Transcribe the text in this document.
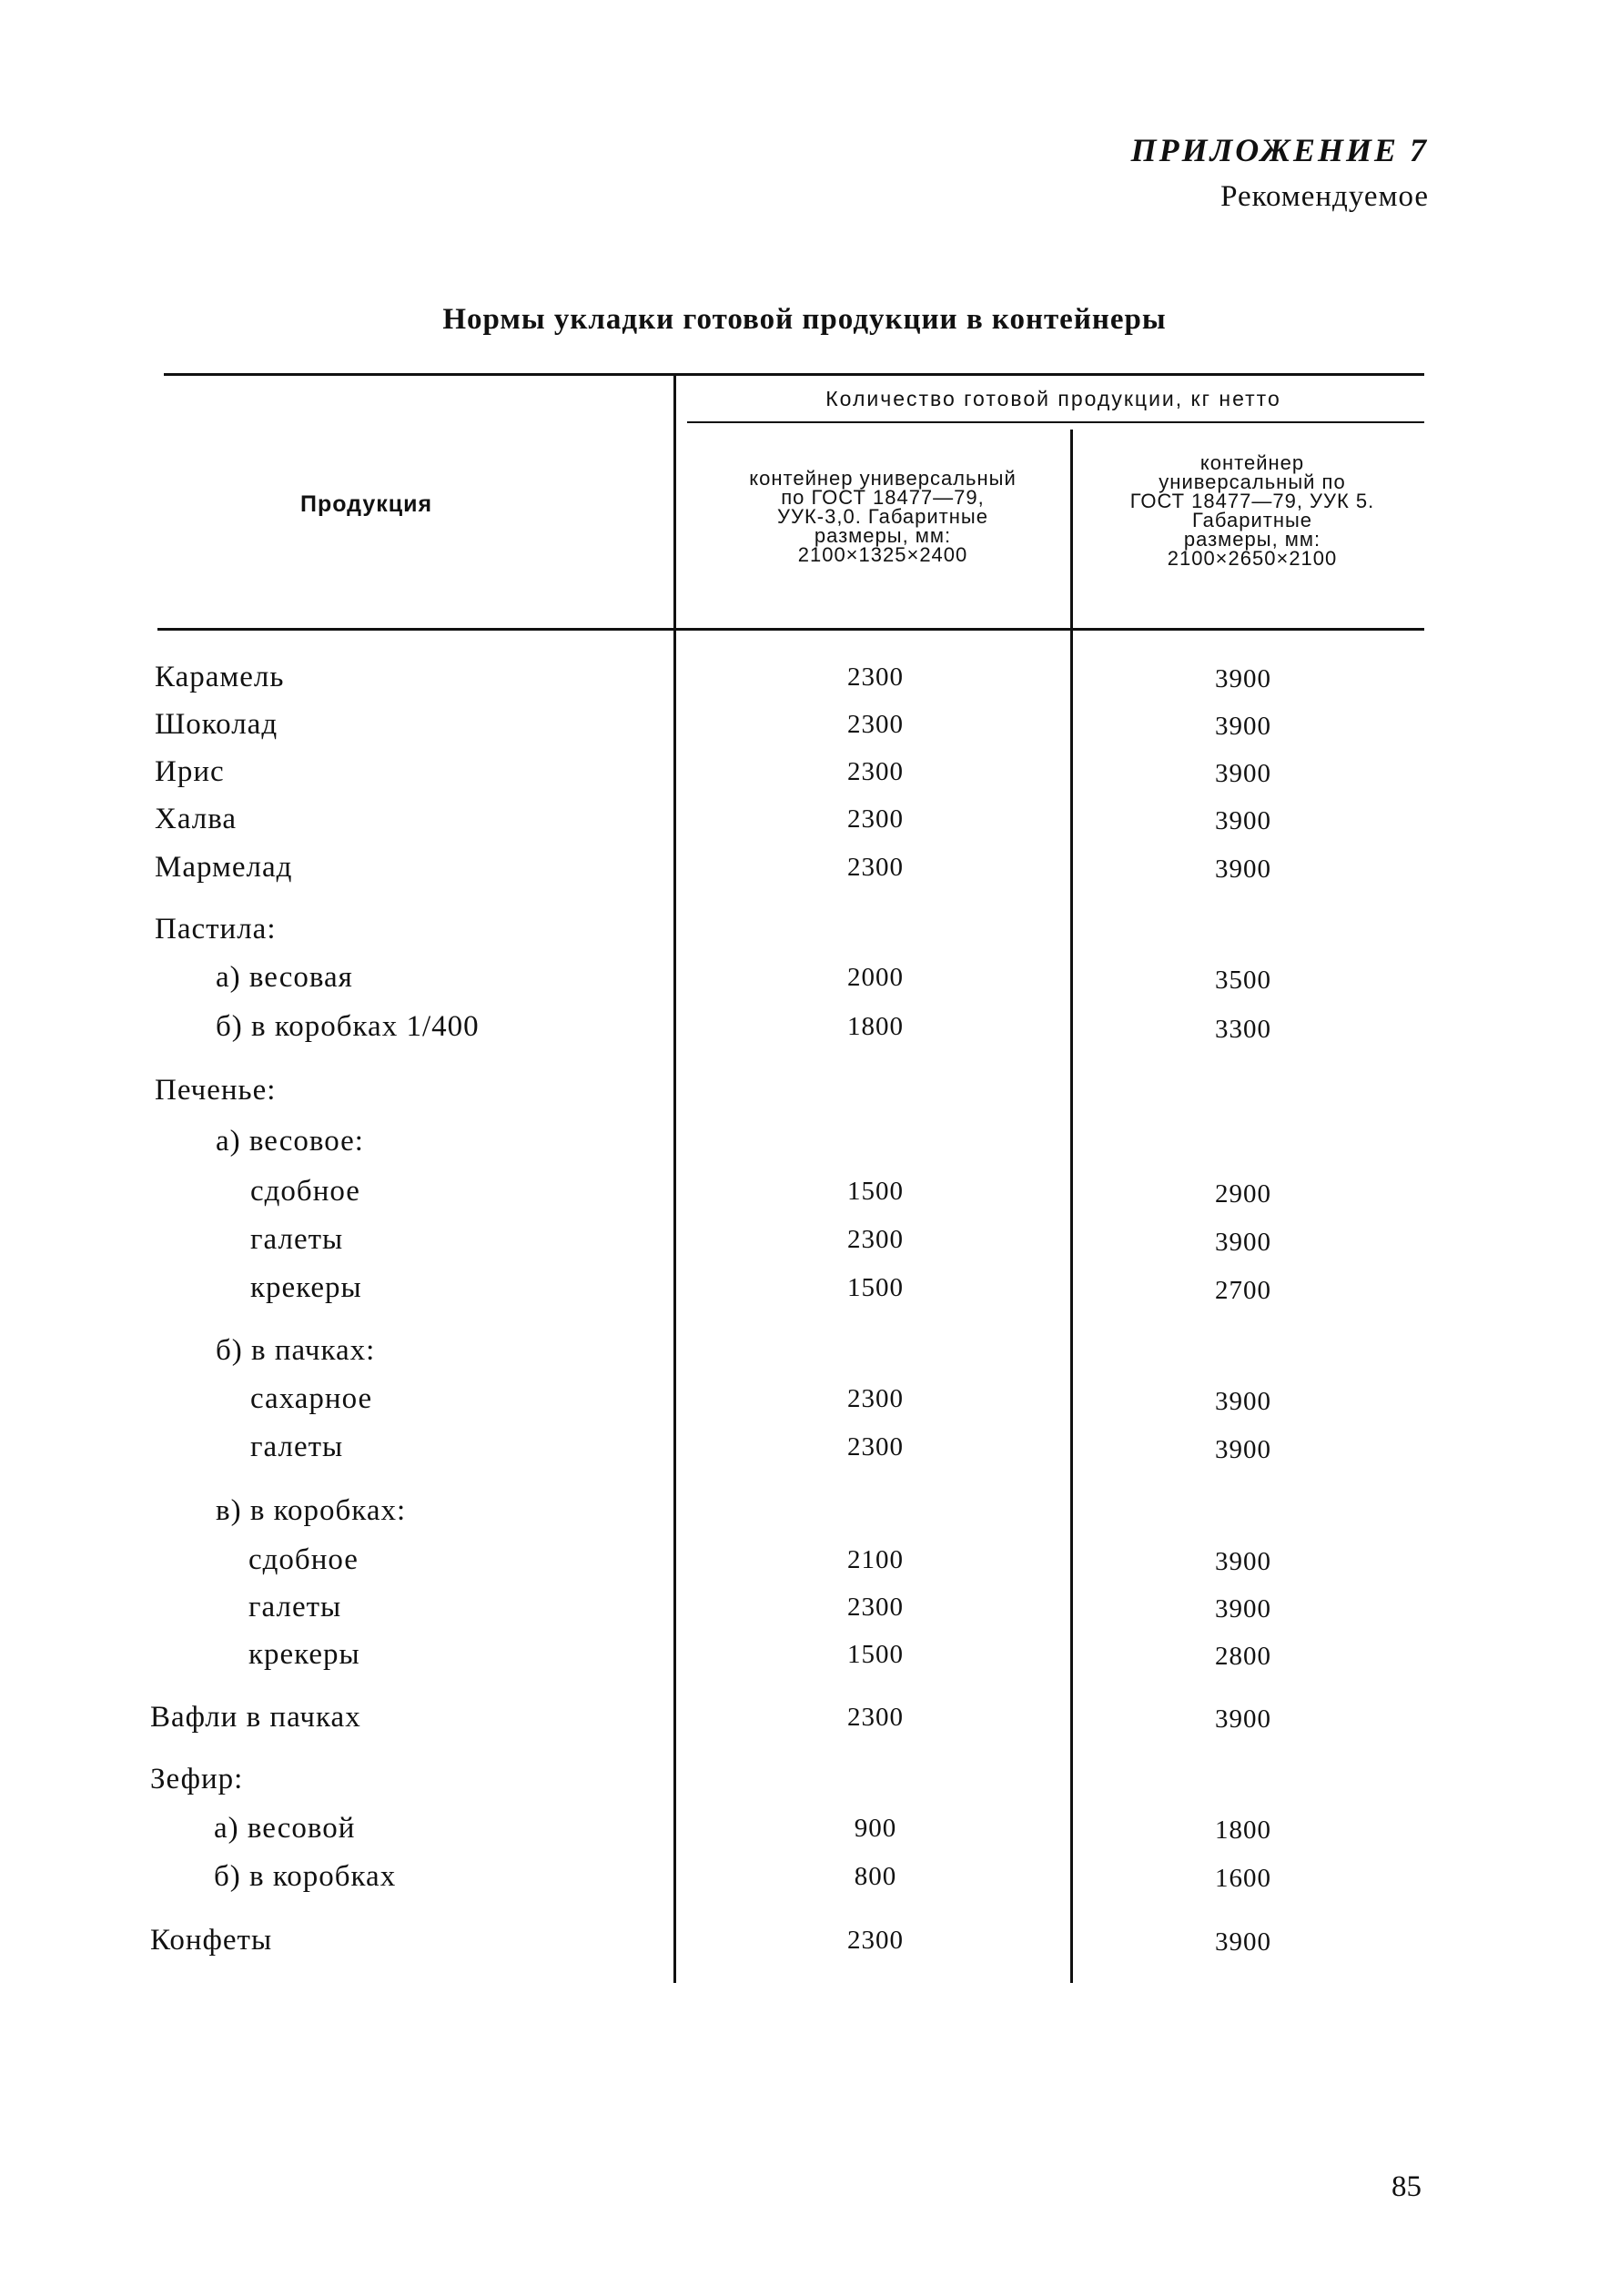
ПРИЛОЖЕНИЕ 7
Рекомендуемое
Нормы укладки готовой продукции в контейнеры
Продукция
Количество готовой продукции, кг нетто
контейнер универсальный
по ГОСТ 18477—79,
УУК-3,0. Габаритные
размеры, мм:
2100×1325×2400
контейнер
универсальный по
ГОСТ 18477—79, УУК 5.
Габаритные
размеры, мм:
2100×2650×2100
Карамель	2300	3900
Шоколад	2300	3900
Ирис	2300	3900
Халва	2300	3900
Мармелад	2300	3900
Пастила:
а) весовая	2000	3500
б) в коробках 1/400	1800	3300
Печенье:
а) весовое:
сдобное	1500	2900
галеты	2300	3900
крекеры	1500	2700
б) в пачках:
сахарное	2300	3900
галеты	2300	3900
в) в коробках:
сдобное	2100	3900
галеты	2300	3900
крекеры	1500	2800
Вафли в пачках	2300	3900
Зефир:
а) весовой	900	1800
б) в коробках	800	1600
Конфеты	2300	3900
85
